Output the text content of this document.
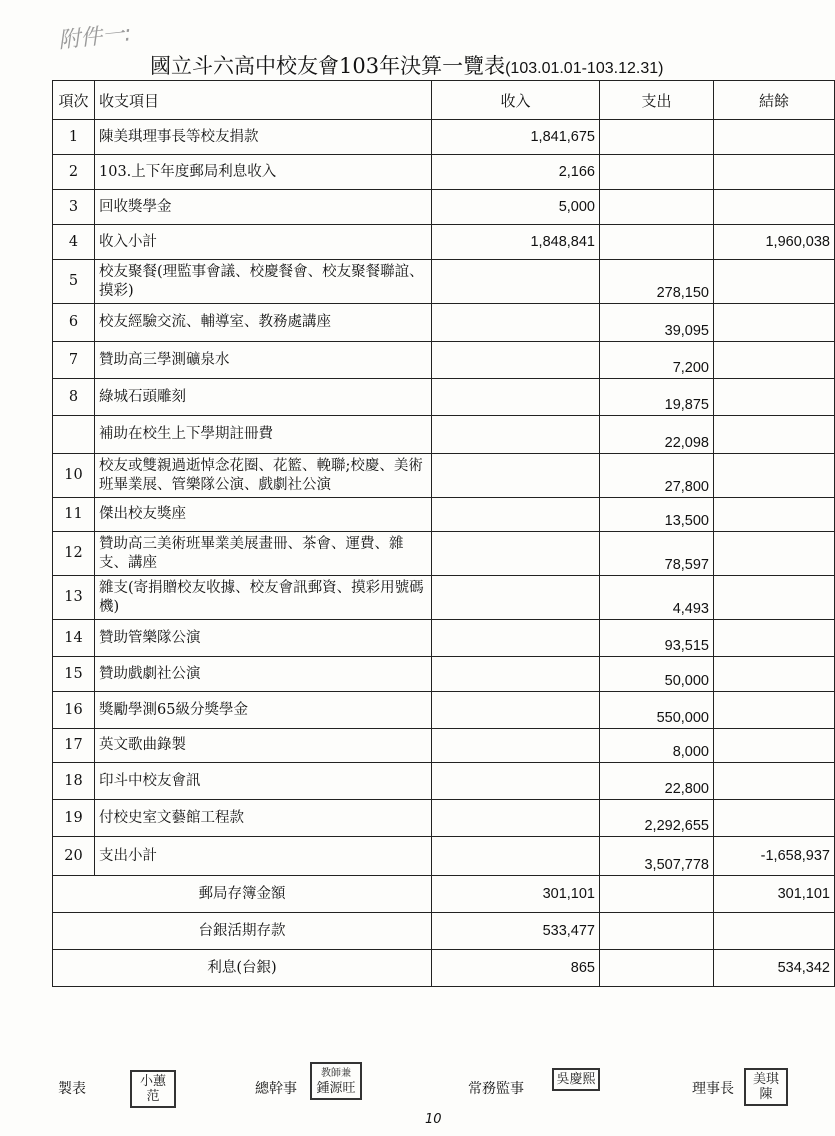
附件一:
國立斗六高中校友會103年決算一覽表(103.01.01-103.12.31)
項次	收支項目	收入	支出	結餘
1	陳美琪理事長等校友捐款	1,841,675		
2	103.上下年度郵局利息收入	2,166		
3	回收獎學金	5,000		
4	收入小計	1,848,841		1,960,038
5	校友聚餐(理監事會議、校慶餐會、校友聚餐聯誼、摸彩)		278,150	
6	校友經驗交流、輔導室、教務處講座		39,095	
7	贊助高三學測礦泉水		7,200	
8	綠城石頭雕刻		19,875	
	補助在校生上下學期註冊費		22,098	
10	校友或雙親過逝悼念花圈、花籃、輓聯;校慶、美術班畢業展、管樂隊公演、戲劇社公演		27,800	
11	傑出校友獎座		13,500	
12	贊助高三美術班畢業美展畫冊、茶會、運費、雜支、講座		78,597	
13	雜支(寄捐贈校友收據、校友會訊郵資、摸彩用號碼機)		4,493	
14	贊助管樂隊公演		93,515	
15	贊助戲劇社公演		50,000	
16	獎勵學測65級分獎學金		550,000	
17	英文歌曲錄製		8,000	
18	印斗中校友會訊		22,800	
19	付校史室文藝館工程款		2,292,655	
20	支出小計		3,507,778	-1,658,937
郵局存簿金額		301,101		301,101
台銀活期存款		533,477		
利息(台銀)		865		534,342
製表	小蕙范	總幹事
教師兼
鍾源旺	常務監事
吳慶熙
理事長
美琪陳
10
